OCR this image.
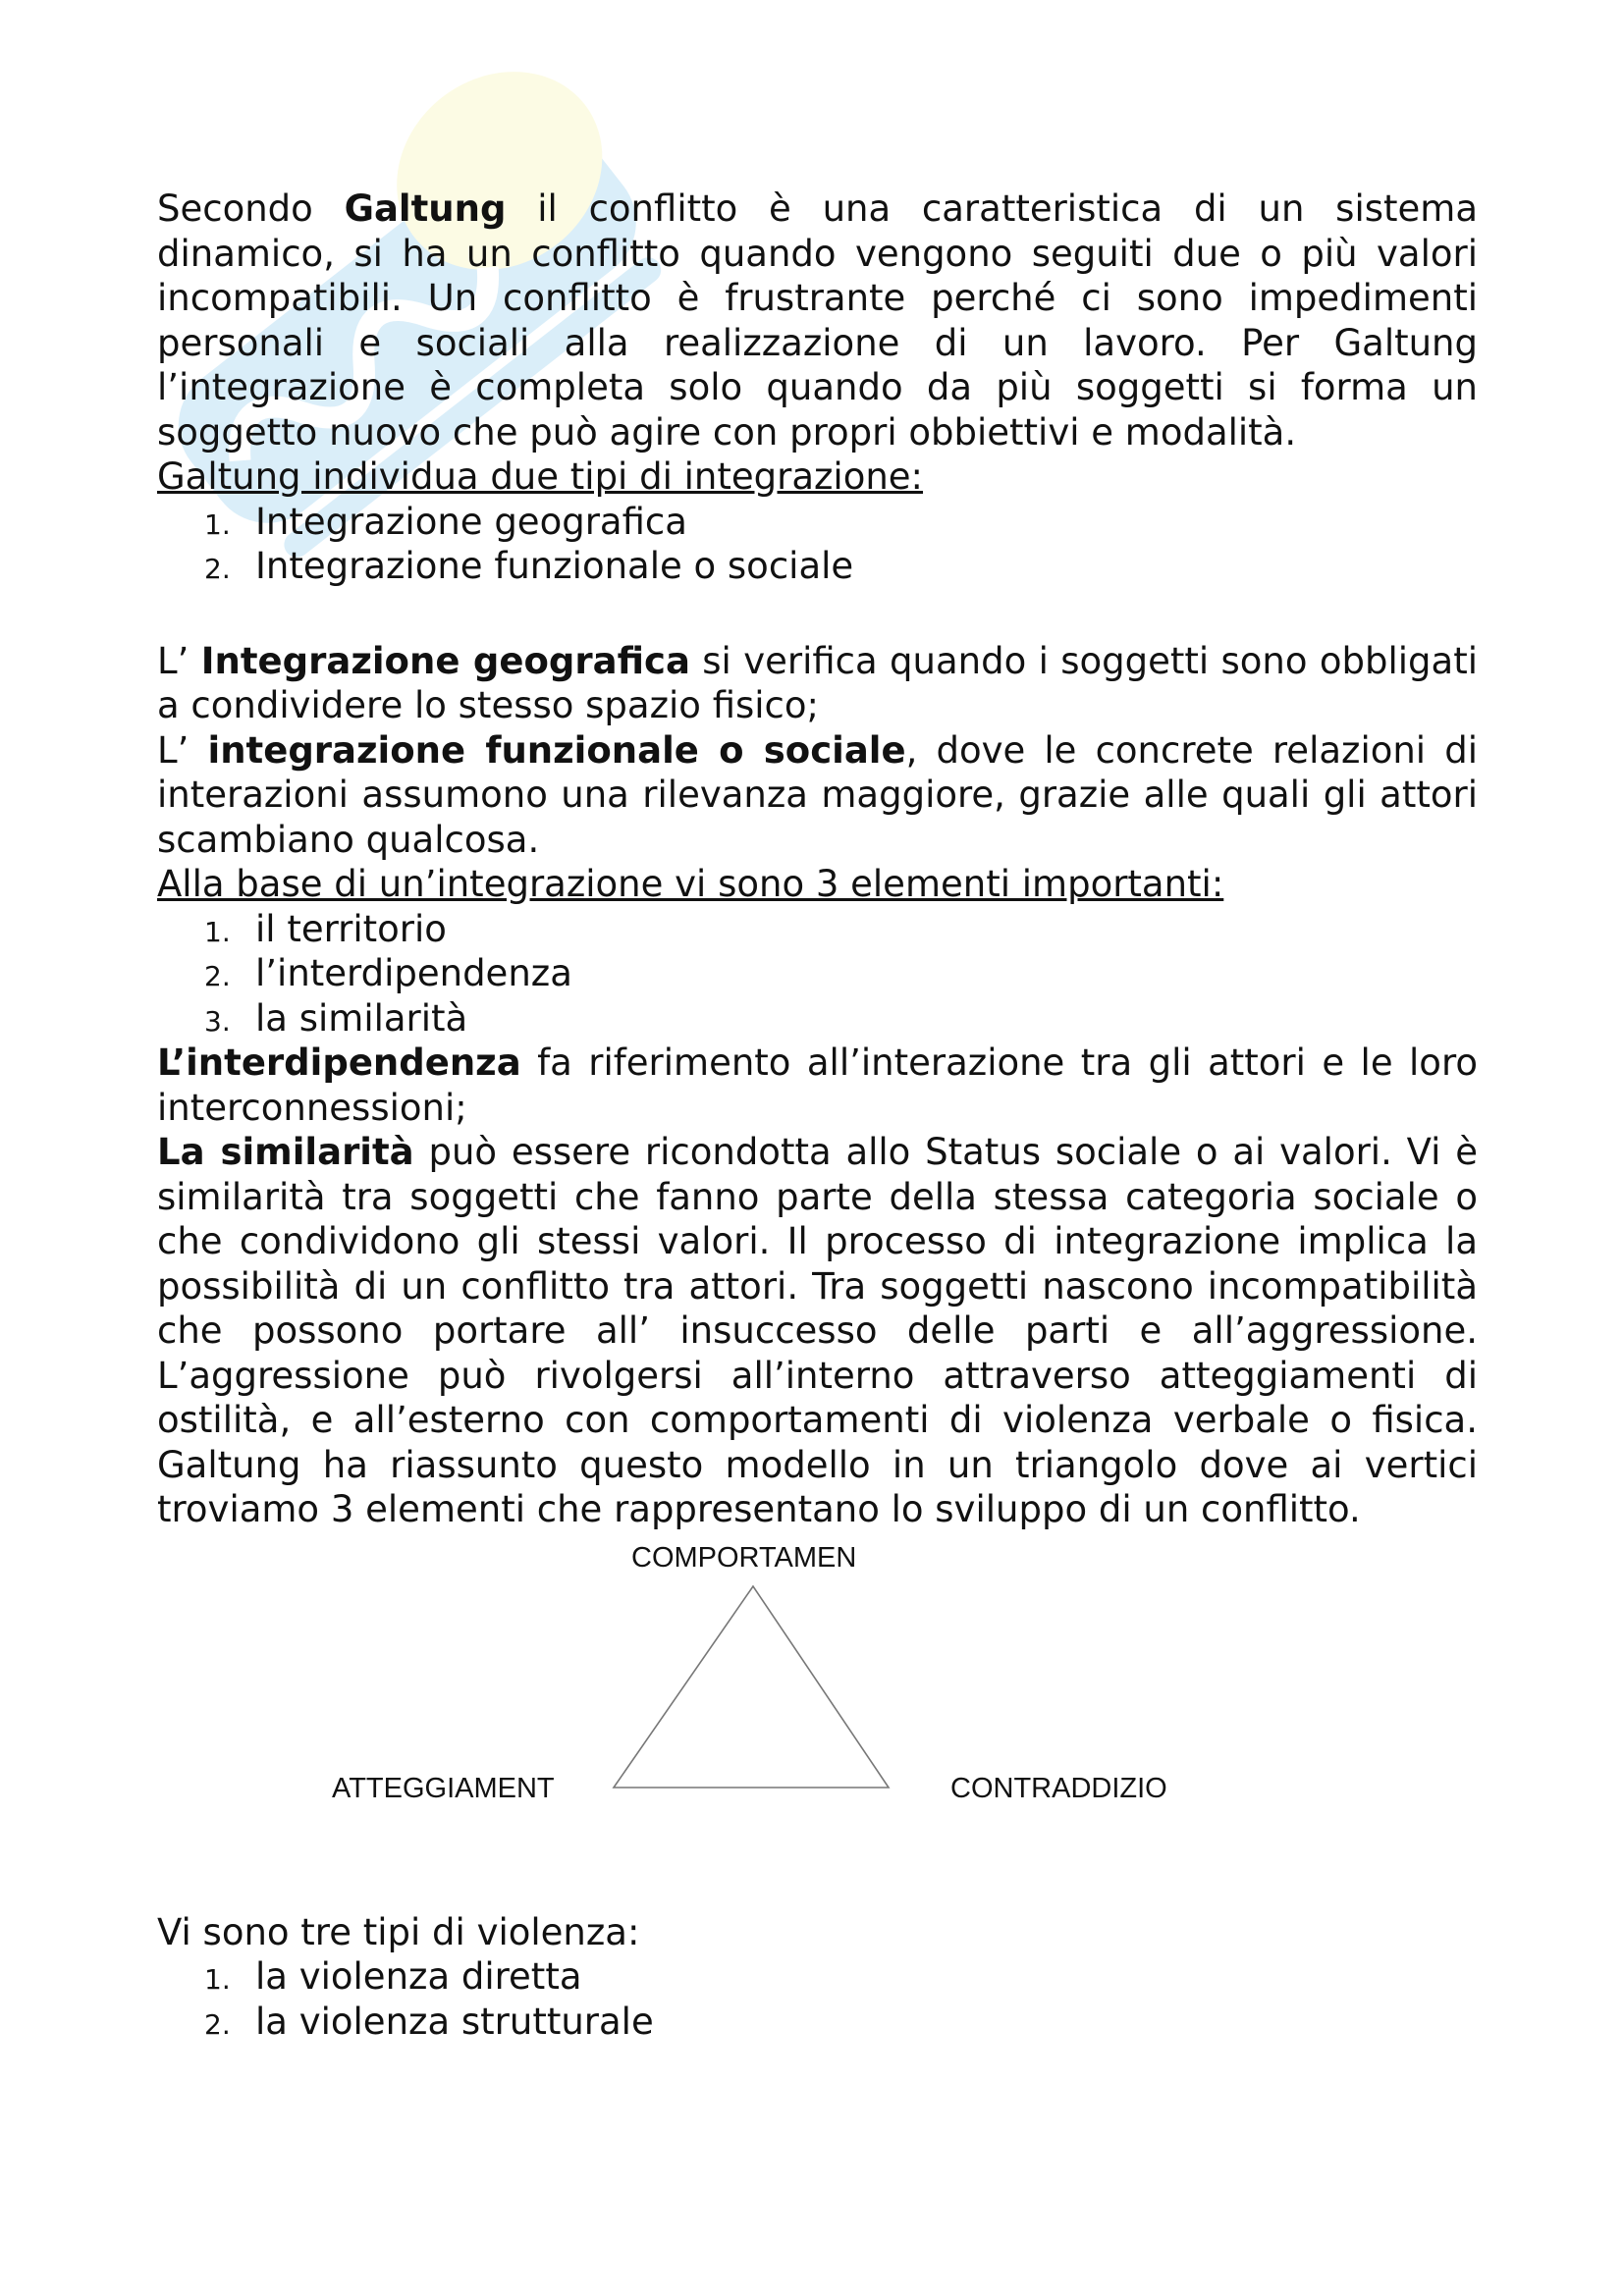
Secondo Galtung il conflitto è una caratteristica di un sistema dinamico, si ha un conflitto quando vengono seguiti due o più valori incompatibili. Un conflitto è frustrante perché ci sono impedimenti personali e sociali alla realizzazione di un lavoro. Per Galtung l’integrazione è completa solo quando da più soggetti si forma un soggetto nuovo che può agire con propri obbiettivi e modalità.

Galtung individua due tipi di integrazione:

1. Integrazione geografica
2. Integrazione funzionale o sociale

L’ Integrazione geografica si verifica quando i soggetti sono obbligati a condividere lo stesso spazio fisico;

L’ integrazione funzionale o sociale, dove le concrete relazioni di interazioni assumono una rilevanza maggiore, grazie alle quali gli attori scambiano qualcosa.

Alla base di un’integrazione vi sono 3 elementi importanti:

1. il territorio
2. l’interdipendenza
3. la similarità

L’interdipendenza fa riferimento all’interazione tra gli attori e le loro interconnessioni;

La similarità può essere ricondotta allo Status sociale o ai valori. Vi è similarità tra soggetti che fanno parte della stessa categoria sociale o che condividono gli stessi valori. Il processo di integrazione implica la possibilità di un conflitto tra attori. Tra soggetti nascono incompatibilità che possono portare all’ insuccesso delle parti e all’aggressione. L’aggressione può rivolgersi all’interno attraverso atteggiamenti di ostilità, e all’esterno con comportamenti di violenza verbale o fisica. Galtung ha riassunto questo modello in un triangolo dove ai vertici troviamo 3 elementi che rappresentano lo sviluppo di un conflitto.

COMPORTAMEN
ATTEGGIAMENT	CONTRADDIZIO

Vi sono tre tipi di violenza:

1. la violenza diretta
2. la violenza strutturale
